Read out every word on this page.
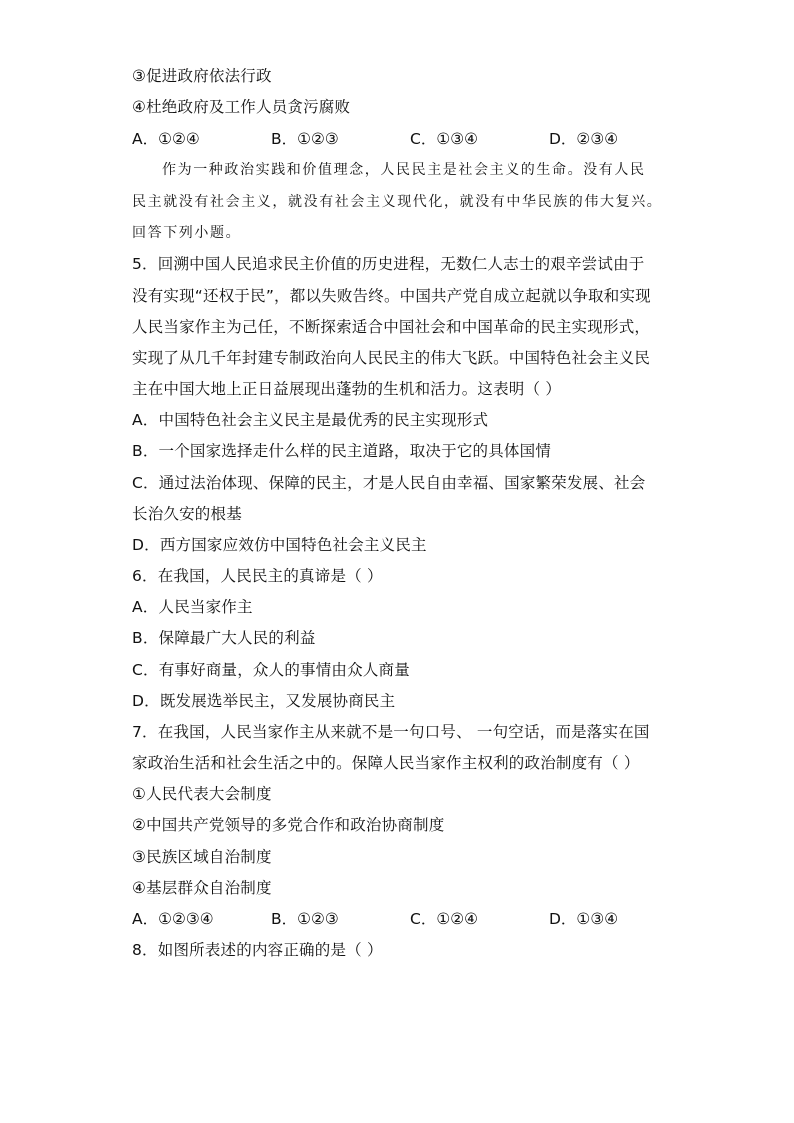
③促进政府依法行政
④杜绝政府及工作人员贪污腐败
A．①②④	B．①②③	C．①③④	D．②③④
作为一种政治实践和价值理念，人民民主是社会主义的生命。没有人民
民主就没有社会主义，就没有社会主义现代化，就没有中华民族的伟大复兴。
回答下列小题。
5．回溯中国人民追求民主价值的历史进程，无数仁人志士的艰辛尝试由于
没有实现“还权于民”，都以失败告终。中国共产党自成立起就以争取和实现
人民当家作主为己任，不断探索适合中国社会和中国革命的民主实现形式，
实现了从几千年封建专制政治向人民民主的伟大飞跃。中国特色社会主义民
主在中国大地上正日益展现出蓬勃的生机和活力。这表明（ ）
A．中国特色社会主义民主是最优秀的民主实现形式
B．一个国家选择走什么样的民主道路，取决于它的具体国情
C．通过法治体现、保障的民主，才是人民自由幸福、国家繁荣发展、社会
长治久安的根基
D．西方国家应效仿中国特色社会主义民主
6．在我国，人民民主的真谛是（ ）
A．人民当家作主
B．保障最广大人民的利益
C．有事好商量，众人的事情由众人商量
D．既发展选举民主，又发展协商民主
7．在我国，人民当家作主从来就不是一句口号、 一句空话，而是落实在国
家政治生活和社会生活之中的。保障人民当家作主权利的政治制度有（ ）
①人民代表大会制度
②中国共产党领导的多党合作和政治协商制度
③民族区域自治制度
④基层群众自治制度
A．①②③④	B．①②③	C．①②④	D．①③④
8．如图所表述的内容正确的是（ ）
